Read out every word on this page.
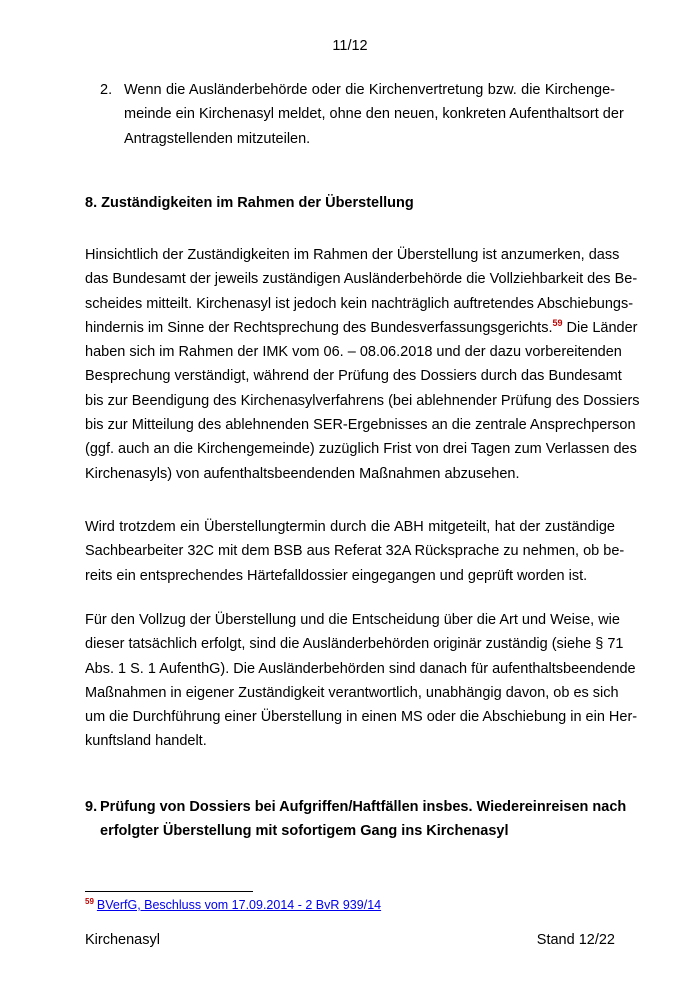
11/12
2. Wenn die Ausländerbehörde oder die Kirchenvertretung bzw. die Kirchenge-
meinde ein Kirchenasyl meldet, ohne den neuen, konkreten Aufenthaltsort der
Antragstellenden mitzuteilen.
8. Zuständigkeiten im Rahmen der Überstellung
Hinsichtlich der Zuständigkeiten im Rahmen der Überstellung ist anzumerken, dass
das Bundesamt der jeweils zuständigen Ausländerbehörde die Vollziehbarkeit des Be-
scheides mitteilt. Kirchenasyl ist jedoch kein nachträglich auftretendes Abschiebungs-
hindernis im Sinne der Rechtsprechung des Bundesverfassungsgerichts.$^{59}$ Die Länder
haben sich im Rahmen der IMK vom 06. – 08.06.2018 und der dazu vorbereitenden
Besprechung verständigt, während der Prüfung des Dossiers durch das Bundesamt
bis zur Beendigung des Kirchenasylverfahrens (bei ablehnender Prüfung des Dossiers
bis zur Mitteilung des ablehnenden SER-Ergebnisses an die zentrale Ansprechperson
(ggf. auch an die Kirchengemeinde) zuzüglich Frist von drei Tagen zum Verlassen des
Kirchenasyls) von aufenthaltsbeendenden Maßnahmen abzusehen.
Wird trotzdem ein Überstellungtermin durch die ABH mitgeteilt, hat der zuständige
Sachbearbeiter 32C mit dem BSB aus Referat 32A Rücksprache zu nehmen, ob be-
reits ein entsprechendes Härtefalldossier eingegangen und geprüft worden ist.
Für den Vollzug der Überstellung und die Entscheidung über die Art und Weise, wie
dieser tatsächlich erfolgt, sind die Ausländerbehörden originär zuständig (siehe § 71
Abs. 1 S. 1 AufenthG). Die Ausländerbehörden sind danach für aufenthaltsbeendende
Maßnahmen in eigener Zuständigkeit verantwortlich, unabhängig davon, ob es sich
um die Durchführung einer Überstellung in einen MS oder die Abschiebung in ein Her-
kunftsland handelt.
9. Prüfung von Dossiers bei Aufgriffen/Haftfällen insbes. Wiedereinreisen nach
erfolgter Überstellung mit sofortigem Gang ins Kirchenasyl
$^{59}$ BVerfG, Beschluss vom 17.09.2014 - 2 BvR 939/14
Kirchenasyl	Stand 12/22
